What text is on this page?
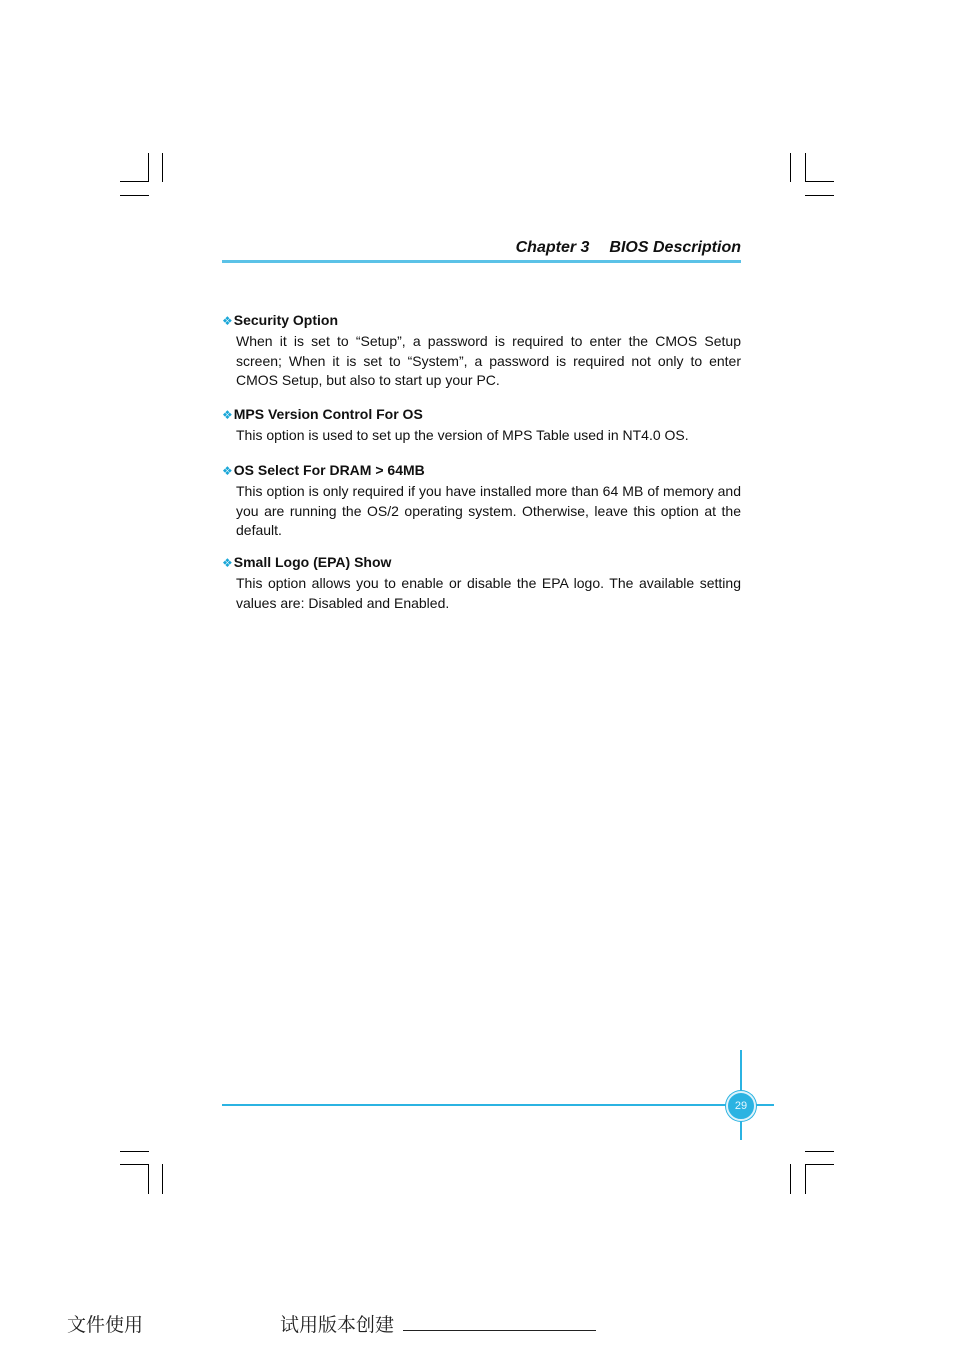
Chapter 3 BIOS Description
❖Security Option
When it is set to “Setup”, a password is required to enter the CMOS Setup screen; When it is set to “System”, a password is required not only to enter CMOS Setup, but also to start up your PC.
❖MPS Version Control For OS
This option is used to set up the version of MPS Table used in NT4.0 OS.
❖OS Select For DRAM > 64MB
This option is only required if you have installed more than 64 MB of memory and you are running the OS/2 operating system. Otherwise, leave this option at the default.
❖Small Logo (EPA) Show
This option allows you to enable or disable the EPA logo. The available setting values are: Disabled and Enabled.
29
文件使用	试用版本创建
